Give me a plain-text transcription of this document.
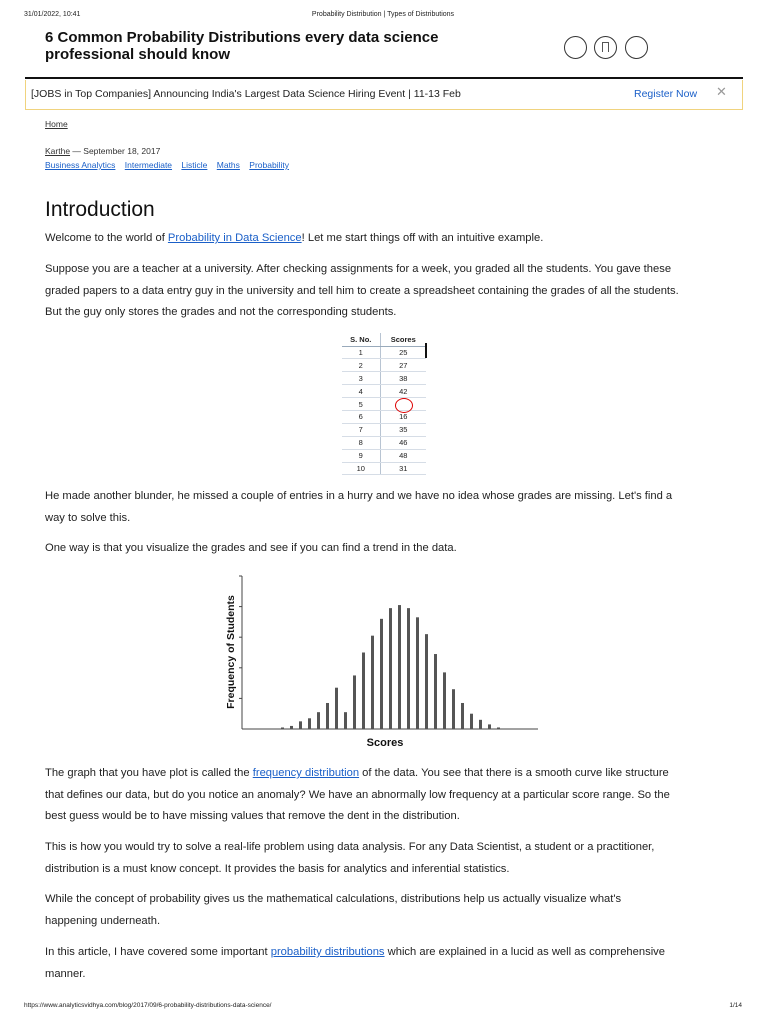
31/01/2022, 10:41	Probability Distribution | Types of Distributions
6 Common Probability Distributions every data science professional should know
[JOBS in Top Companies] Announcing India's Largest Data Science Hiring Event | 11-13 Feb	Register Now ✕
Home
Karthe — September 18, 2017
Business Analytics Intermediate Listicle Maths Probability
Introduction

Welcome to the world of Probability in Data Science! Let me start things off with an intuitive example.

Suppose you are a teacher at a university. After checking assignments for a week, you graded all the students. You gave these
graded papers to a data entry guy in the university and tell him to create a spreadsheet containing the grades of all the students.
But the guy only stores the grades and not the corresponding students.

S. No.	Scores
1	25
2	27
3	38
4	42
5	

6	16
7	35
8	46
9	48
10	31

He made another blunder, he missed a couple of entries in a hurry and we have no idea whose grades are missing. Let's find a
way to solve this.

One way is that you visualize the grades and see if you can find a trend in the data.

Scores
Frequency of Students

The graph that you have plot is called the frequency distribution of the data. You see that there is a smooth curve like structure
that defines our data, but do you notice an anomaly? We have an abnormally low frequency at a particular score range. So the
best guess would be to have missing values that remove the dent in the distribution.

This is how you would try to solve a real-life problem using data analysis. For any Data Scientist, a student or a practitioner,
distribution is a must know concept. It provides the basis for analytics and inferential statistics.

While the concept of probability gives us the mathematical calculations, distributions help us actually visualize what's
happening underneath.

In this article, I have covered some important probability distributions which are explained in a lucid as well as comprehensive
manner.

https://www.analyticsvidhya.com/blog/2017/09/6-probability-distributions-data-science/	1/14
